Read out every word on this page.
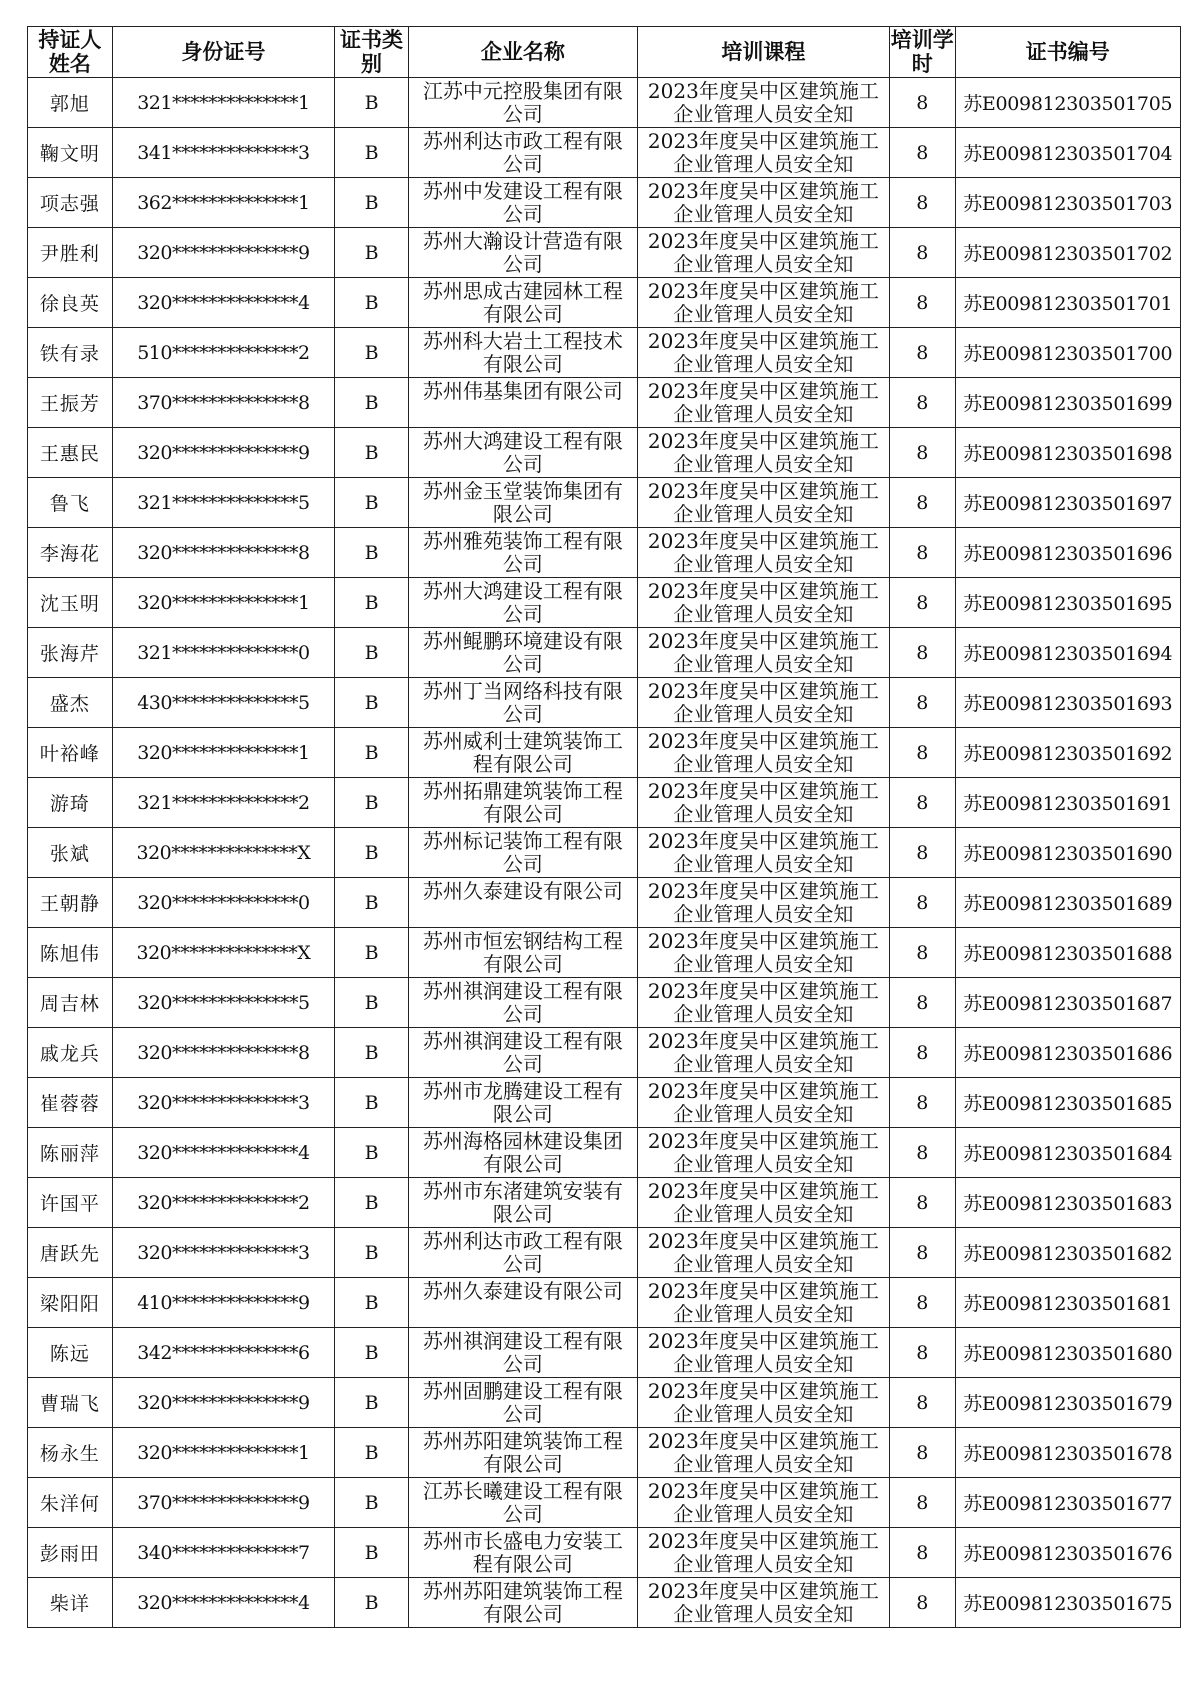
持证人姓名	身份证号	证书类别	企业名称	培训课程	培训学时	证书编号
郭旭	321**************1	B	江苏中元控股集团有限公司	2023年度吴中区建筑施工企业管理人员安全知	8	苏E009812303501705
鞠文明	341**************3	B	苏州利达市政工程有限公司	2023年度吴中区建筑施工企业管理人员安全知	8	苏E009812303501704
项志强	362**************1	B	苏州中发建设工程有限公司	2023年度吴中区建筑施工企业管理人员安全知	8	苏E009812303501703
尹胜利	320**************9	B	苏州大瀚设计营造有限公司	2023年度吴中区建筑施工企业管理人员安全知	8	苏E009812303501702
徐良英	320**************4	B	苏州思成古建园林工程有限公司	2023年度吴中区建筑施工企业管理人员安全知	8	苏E009812303501701
铁有录	510**************2	B	苏州科大岩土工程技术有限公司	2023年度吴中区建筑施工企业管理人员安全知	8	苏E009812303501700
王振芳	370**************8	B	苏州伟基集团有限公司	2023年度吴中区建筑施工企业管理人员安全知	8	苏E009812303501699
王惠民	320**************9	B	苏州大鸿建设工程有限公司	2023年度吴中区建筑施工企业管理人员安全知	8	苏E009812303501698
鲁飞	321**************5	B	苏州金玉堂装饰集团有限公司	2023年度吴中区建筑施工企业管理人员安全知	8	苏E009812303501697
李海花	320**************8	B	苏州雅苑装饰工程有限公司	2023年度吴中区建筑施工企业管理人员安全知	8	苏E009812303501696
沈玉明	320**************1	B	苏州大鸿建设工程有限公司	2023年度吴中区建筑施工企业管理人员安全知	8	苏E009812303501695
张海芹	321**************0	B	苏州鲲鹏环境建设有限公司	2023年度吴中区建筑施工企业管理人员安全知	8	苏E009812303501694
盛杰	430**************5	B	苏州丁当网络科技有限公司	2023年度吴中区建筑施工企业管理人员安全知	8	苏E009812303501693
叶裕峰	320**************1	B	苏州威利士建筑装饰工程有限公司	2023年度吴中区建筑施工企业管理人员安全知	8	苏E009812303501692
游琦	321**************2	B	苏州拓鼎建筑装饰工程有限公司	2023年度吴中区建筑施工企业管理人员安全知	8	苏E009812303501691
张斌	320**************X	B	苏州标记装饰工程有限公司	2023年度吴中区建筑施工企业管理人员安全知	8	苏E009812303501690
王朝静	320**************0	B	苏州久泰建设有限公司	2023年度吴中区建筑施工企业管理人员安全知	8	苏E009812303501689
陈旭伟	320**************X	B	苏州市恒宏钢结构工程有限公司	2023年度吴中区建筑施工企业管理人员安全知	8	苏E009812303501688
周吉林	320**************5	B	苏州祺润建设工程有限公司	2023年度吴中区建筑施工企业管理人员安全知	8	苏E009812303501687
戚龙兵	320**************8	B	苏州祺润建设工程有限公司	2023年度吴中区建筑施工企业管理人员安全知	8	苏E009812303501686
崔蓉蓉	320**************3	B	苏州市龙腾建设工程有限公司	2023年度吴中区建筑施工企业管理人员安全知	8	苏E009812303501685
陈丽萍	320**************4	B	苏州海格园林建设集团有限公司	2023年度吴中区建筑施工企业管理人员安全知	8	苏E009812303501684
许国平	320**************2	B	苏州市东渚建筑安装有限公司	2023年度吴中区建筑施工企业管理人员安全知	8	苏E009812303501683
唐跃先	320**************3	B	苏州利达市政工程有限公司	2023年度吴中区建筑施工企业管理人员安全知	8	苏E009812303501682
梁阳阳	410**************9	B	苏州久泰建设有限公司	2023年度吴中区建筑施工企业管理人员安全知	8	苏E009812303501681
陈远	342**************6	B	苏州祺润建设工程有限公司	2023年度吴中区建筑施工企业管理人员安全知	8	苏E009812303501680
曹瑞飞	320**************9	B	苏州固鹏建设工程有限公司	2023年度吴中区建筑施工企业管理人员安全知	8	苏E009812303501679
杨永生	320**************1	B	苏州苏阳建筑装饰工程有限公司	2023年度吴中区建筑施工企业管理人员安全知	8	苏E009812303501678
朱洋何	370**************9	B	江苏长曦建设工程有限公司	2023年度吴中区建筑施工企业管理人员安全知	8	苏E009812303501677
彭雨田	340**************7	B	苏州市长盛电力安装工程有限公司	2023年度吴中区建筑施工企业管理人员安全知	8	苏E009812303501676
柴详	320**************4	B	苏州苏阳建筑装饰工程有限公司	2023年度吴中区建筑施工企业管理人员安全知	8	苏E009812303501675
